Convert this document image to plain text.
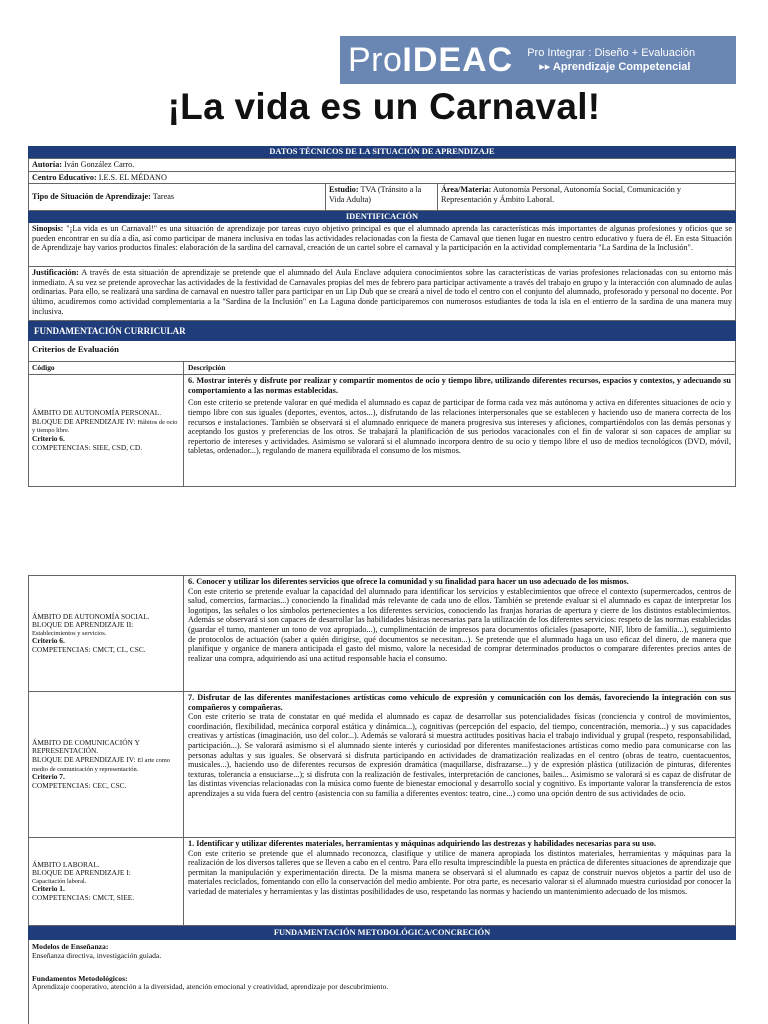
ProIDEAC Pro Integrar : Diseño + Evaluación
▸▸ Aprendizaje Competencial
¡La vida es un Carnaval!
DATOS TÉCNICOS DE LA SITUACIÓN DE APRENDIZAJE
Autoría: Iván González Carro.
Centro Educativo: I.E.S. EL MÉDANO
Tipo de Situación de Aprendizaje: Tareas
Estudio: TVA (Tránsito a la Vida Adulta)
Área/Materia: Autonomía Personal, Autonomía Social, Comunicación y Representación y Ámbito Laboral.
IDENTIFICACIÓN
Sinopsis: "¡La vida es un Carnaval!" es una situación de aprendizaje por tareas cuyo objetivo principal es que el alumnado aprenda las características más importantes de algunas profesiones y oficios que se pueden encontrar en su día a día, así como participar de manera inclusiva en todas las actividades relacionadas con la fiesta de Carnaval que tienen lugar en nuestro centro educativo y fuera de él. En esta Situación de Aprendizaje hay varios productos finales: elaboración de la sardina del carnaval, creación de un cartel sobre el carnaval y la participación en la actividad complementaria "La Sardina de la Inclusión".
Justificación: A través de esta situación de aprendizaje se pretende que el alumnado del Aula Enclave adquiera conocimientos sobre las características de varias profesiones relacionadas con su entorno más inmediato. A su vez se pretende aprovechar las actividades de la festividad de Carnavales propias del mes de febrero para participar activamente a través del trabajo en grupo y la interacción con alumnado de aulas ordinarias. Para ello, se realizará una sardina de carnaval en nuestro taller para participar en un Lip Dub que se creará a nivel de todo el centro con el conjunto del alumnado, profesorado y personal no docente. Por último, acudiremos como actividad complementaria a la "Sardina de la Inclusión" en La Laguna donde participaremos con numerosos estudiantes de toda la isla en el entierro de la sardina de una manera muy inclusiva.
FUNDAMENTACIÓN CURRICULAR
Criterios de Evaluación
Código	Descripción
ÁMBITO DE AUTONOMÍA PERSONAL.
BLOQUE DE APRENDIZAJE IV: Hábitos de ocio y tiempo libre.
Criterio 6.
COMPETENCIAS: SIEE, CSD, CD.
6. Mostrar interés y disfrute por realizar y compartir momentos de ocio y tiempo libre, utilizando diferentes recursos, espacios y contextos, y adecuando su comportamiento a las normas establecidas.
Con este criterio se pretende valorar en qué medida el alumnado es capaz de participar de forma cada vez más autónoma y activa en diferentes situaciones de ocio y tiempo libre con sus iguales (deportes, eventos, actos...), disfrutando de las relaciones interpersonales que se establecen y haciendo uso de manera correcta de los recursos e instalaciones. También se observará si el alumnado enriquece de manera progresiva sus intereses y aficiones, compartiéndolos con las demás personas y aceptando los gustos y preferencias de los otros. Se trabajará la planificación de sus periodos vacacionales con el fin de valorar si son capaces de ampliar su repertorio de intereses y actividades. Asimismo se valorará si el alumnado incorpora dentro de su ocio y tiempo libre el uso de medios tecnológicos (DVD, móvil, tabletas, ordenador...), regulando de manera equilibrada el consumo de los mismos.
ÁMBITO DE AUTONOMÍA SOCIAL.
BLOQUE DE APRENDIZAJE II:
Establecimientos y servicios.
Criterio 6.
COMPETENCIAS: CMCT, CL, CSC.
6. Conocer y utilizar los diferentes servicios que ofrece la comunidad y su finalidad para hacer un uso adecuado de los mismos.
Con este criterio se pretende evaluar la capacidad del alumnado para identificar los servicios y establecimientos que ofrece el contexto (supermercados, centros de salud, comercios, farmacias...) conociendo la finalidad más relevante de cada uno de ellos. También se pretende evaluar si el alumnado es capaz de interpretar los logotipos, las señales o los símbolos pertenecientes a los diferentes servicios, conociendo las franjas horarias de apertura y cierre de los distintos establecimientos. Además se observará si son capaces de desarrollar las habilidades básicas necesarias para la utilización de los diferentes servicios: respeto de las normas establecidas (guardar el turno, mantener un tono de voz apropiado...), cumplimentación de impresos para documentos oficiales (pasaporte, NIF, libro de familia...), seguimiento de protocolos de actuación (saber a quién dirigirse, qué documentos se necesitan...). Se pretende que el alumnado haga un uso eficaz del dinero, de manera que planifique y organice de manera anticipada el gasto del mismo, valore la necesidad de comprar determinados productos o comparare diferentes precios antes de realizar una compra, adquiriendo así una actitud responsable hacia el consumo.
ÁMBITO DE COMUNICACIÓN Y REPRESENTACIÓN.
BLOQUE DE APRENDIZAJE IV: El arte como medio de comunicación y representación.
Criterio 7.
COMPETENCIAS: CEC, CSC.
7. Disfrutar de las diferentes manifestaciones artísticas como vehículo de expresión y comunicación con los demás, favoreciendo la integración con sus compañeros y compañeras.
Con este criterio se trata de constatar en qué medida el alumnado es capaz de desarrollar sus potencialidades físicas (conciencia y control de movimientos, coordinación, flexibilidad, mecánica corporal estática y dinámica...), cognitivas (percepción del espacio, del tiempo, concentración, memoria...) y sus capacidades creativas y artísticas (imaginación, uso del color...). Además se valorará si muestra actitudes positivas hacia el trabajo individual y grupal (respeto, responsabilidad, participación...). Se valorará asimismo si el alumnado siente interés y curiosidad por diferentes manifestaciones artísticas como medio para comunicarse con las personas adultas y sus iguales. Se observará si disfruta participando en actividades de dramatización realizadas en el centro (obras de teatro, cuentacuentos, musicales...), haciendo uso de diferentes recursos de expresión dramática (maquillarse, disfrazarse...) y de expresión plástica (utilización de pinturas, diferentes texturas, tolerancia a ensuciarse...); si disfruta con la realización de festivales, interpretación de canciones, bailes... Asimismo se valorará si es capaz de disfrutar de las distintas vivencias relacionadas con la música como fuente de bienestar emocional y desarrollo social y cognitivo. Es importante valorar la transferencia de estos aprendizajes a su vida fuera del centro (asistencia con su familia a diferentes eventos: teatro, cine...) como una opción dentro de sus actividades de ocio.
ÁMBITO LABORAL.
BLOQUE DE APRENDIZAJE I:
Capacitación laboral.
Criterio 1.
COMPETENCIAS: CMCT, SIEE.
1. Identificar y utilizar diferentes materiales, herramientas y máquinas adquiriendo las destrezas y habilidades necesarias para su uso.
Con este criterio se pretende que el alumnado reconozca, clasifique y utilice de manera apropiada los distintos materiales, herramientas y máquinas para la realización de los diversos talleres que se lleven a cabo en el centro. Para ello resulta imprescindible la puesta en práctica de diferentes situaciones de aprendizaje que permitan la manipulación y experimentación directa. De la misma manera se observará si el alumnado es capaz de construir nuevos objetos a partir del uso de materiales reciclados, fomentando con ello la conservación del medio ambiente. Por otra parte, es necesario valorar si el alumnado muestra curiosidad por conocer la variedad de materiales y herramientas y las distintas posibilidades de uso, respetando las normas y haciendo un mantenimiento adecuado de los mismos.
FUNDAMENTACIÓN METODOLÓGICA/CONCRECIÓN
Modelos de Enseñanza:
Enseñanza directiva, investigación guiada.
Fundamentos Metodológicos:
Aprendizaje cooperativo, atención a la diversidad, atención emocional y creatividad, aprendizaje por descubrimiento.
